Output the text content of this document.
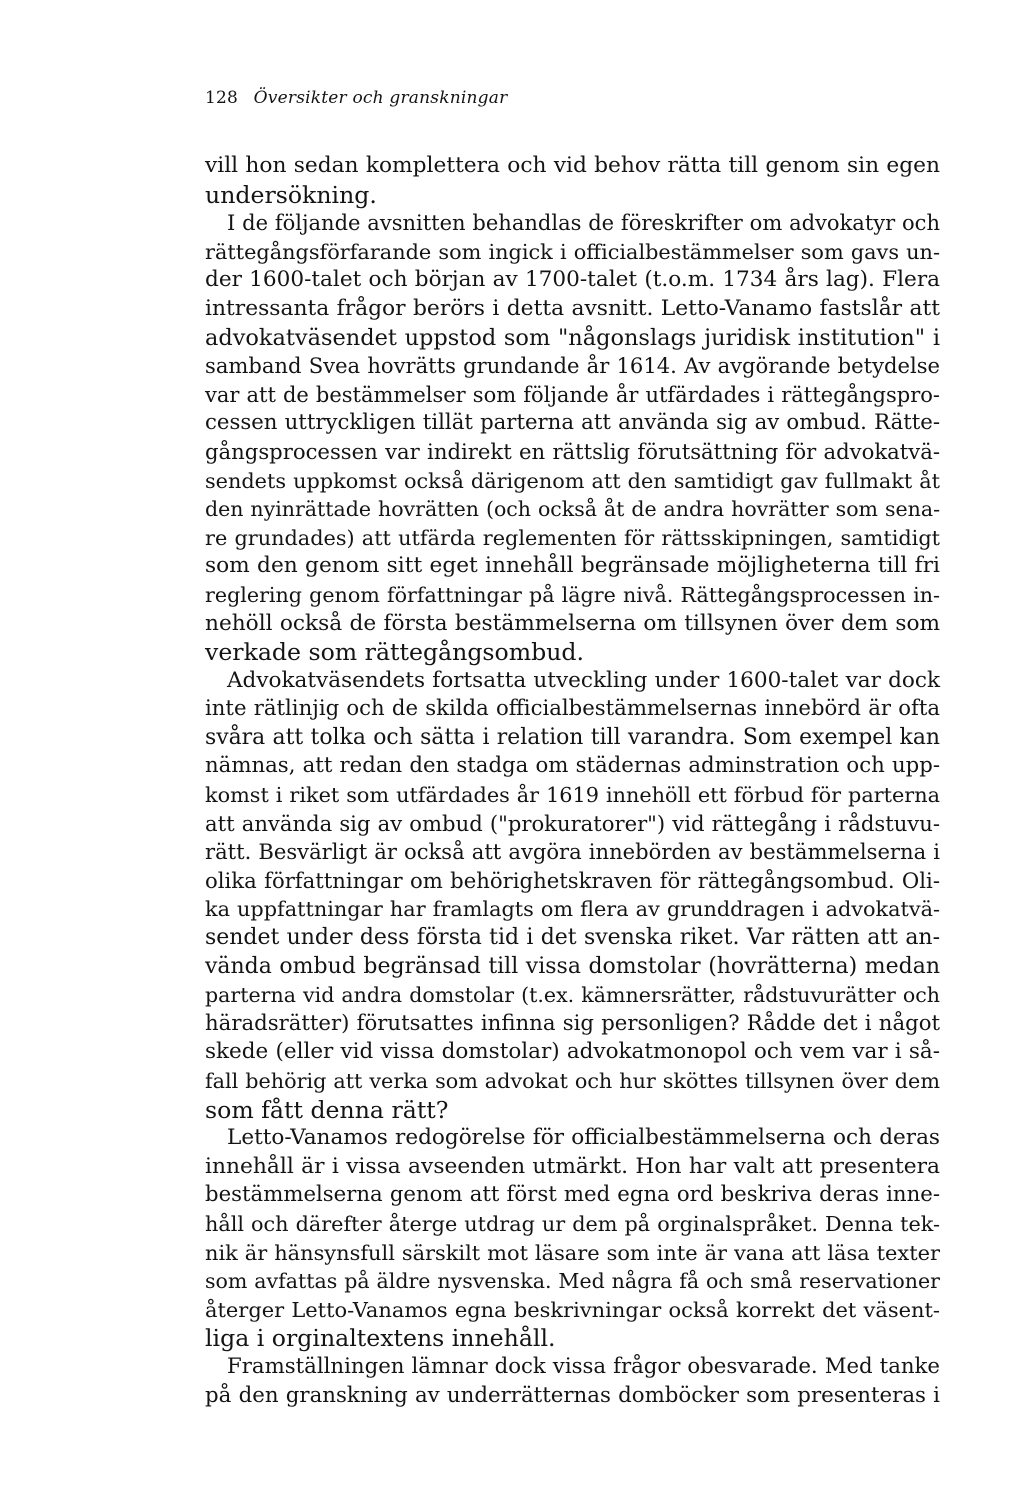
128 Översikter och granskningar
vill hon sedan komplettera och vid behov rätta till genom sin egen
undersökning.
I de följande avsnitten behandlas de föreskrifter om advokatyr och
rättegångsförfarande som ingick i officialbestämmelser som gavs un-
der 1600-talet och början av 1700-talet (t.o.m. 1734 års lag). Flera
intressanta frågor berörs i detta avsnitt. Letto-Vanamo fastslår att
advokatväsendet uppstod som "någonslags juridisk institution" i
samband Svea hovrätts grundande år 1614. Av avgörande betydelse
var att de bestämmelser som följande år utfärdades i rättegångspro-
cessen uttryckligen tillät parterna att använda sig av ombud. Rätte-
gångsprocessen var indirekt en rättslig förutsättning för advokatvä-
sendets uppkomst också därigenom att den samtidigt gav fullmakt åt
den nyinrättade hovrätten (och också åt de andra hovrätter som sena-
re grundades) att utfärda reglementen för rättsskipningen, samtidigt
som den genom sitt eget innehåll begränsade möjligheterna till fri
reglering genom författningar på lägre nivå. Rättegångsprocessen in-
nehöll också de första bestämmelserna om tillsynen över dem som
verkade som rättegångsombud.
Advokatväsendets fortsatta utveckling under 1600-talet var dock
inte rätlinjig och de skilda officialbestämmelsernas innebörd är ofta
svåra att tolka och sätta i relation till varandra. Som exempel kan
nämnas, att redan den stadga om städernas adminstration och upp-
komst i riket som utfärdades år 1619 innehöll ett förbud för parterna
att använda sig av ombud ("prokuratorer") vid rättegång i rådstuvu-
rätt. Besvärligt är också att avgöra innebörden av bestämmelserna i
olika författningar om behörighetskraven för rättegångsombud. Oli-
ka uppfattningar har framlagts om flera av grunddragen i advokatvä-
sendet under dess första tid i det svenska riket. Var rätten att an-
vända ombud begränsad till vissa domstolar (hovrätterna) medan
parterna vid andra domstolar (t.ex. kämnersrätter, rådstuvurätter och
häradsrätter) förutsattes infinna sig personligen? Rådde det i något
skede (eller vid vissa domstolar) advokatmonopol och vem var i så-
fall behörig att verka som advokat och hur sköttes tillsynen över dem
som fått denna rätt?
Letto-Vanamos redogörelse för officialbestämmelserna och deras
innehåll är i vissa avseenden utmärkt. Hon har valt att presentera
bestämmelserna genom att först med egna ord beskriva deras inne-
håll och därefter återge utdrag ur dem på orginalspråket. Denna tek-
nik är hänsynsfull särskilt mot läsare som inte är vana att läsa texter
som avfattas på äldre nysvenska. Med några få och små reservationer
återger Letto-Vanamos egna beskrivningar också korrekt det väsent-
liga i orginaltextens innehåll.
Framställningen lämnar dock vissa frågor obesvarade. Med tanke
på den granskning av underrätternas domböcker som presenteras i
